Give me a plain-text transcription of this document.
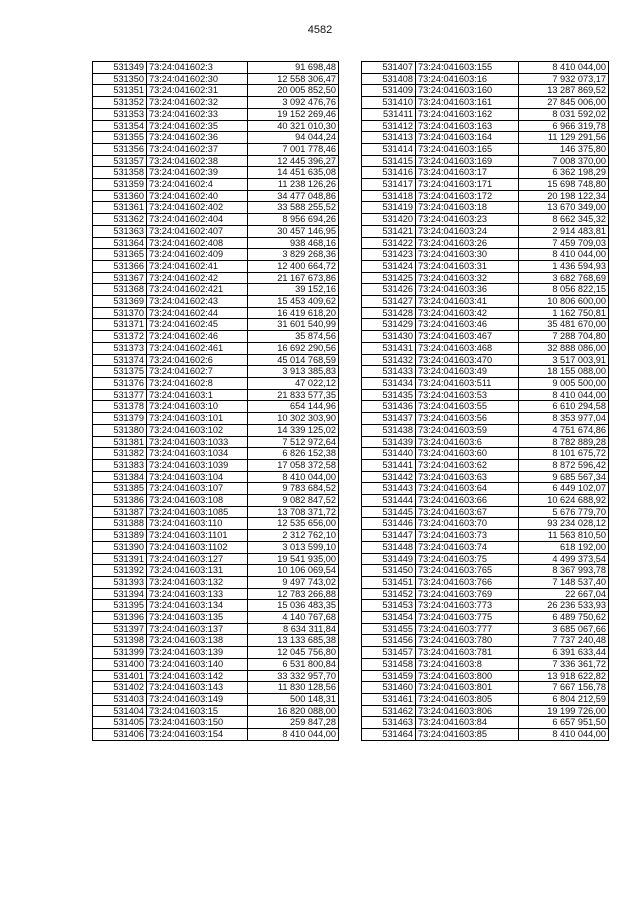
4582
531349	73:24:041602:3	91 698,48
531350	73:24:041602:30	12 558 306,47
531351	73:24:041602:31	20 005 852,50
531352	73:24:041602:32	3 092 476,76
531353	73:24:041602:33	19 152 269,46
531354	73:24:041602:35	40 321 010,30
531355	73:24:041602:36	94 044,24
531356	73:24:041602:37	7 001 778,46
531357	73:24:041602:38	12 445 396,27
531358	73:24:041602:39	14 451 635,08
531359	73:24:041602:4	11 238 126,26
531360	73:24:041602:40	34 477 048,86
531361	73:24:041602:402	33 588 255,52
531362	73:24:041602:404	8 956 694,26
531363	73:24:041602:407	30 457 146,95
531364	73:24:041602:408	938 468,16
531365	73:24:041602:409	3 829 268,36
531366	73:24:041602:41	12 400 664,72
531367	73:24:041602:42	21 167 673,86
531368	73:24:041602:421	39 152,16
531369	73:24:041602:43	15 453 409,62
531370	73:24:041602:44	16 419 618,20
531371	73:24:041602:45	31 601 540,99
531372	73:24:041602:46	35 874,56
531373	73:24:041602:461	16 692 290,56
531374	73:24:041602:6	45 014 768,59
531375	73:24:041602:7	3 913 385,83
531376	73:24:041602:8	47 022,12
531377	73:24:041603:1	21 833 577,35
531378	73:24:041603:10	654 144,96
531379	73:24:041603:101	10 302 303,90
531380	73:24:041603:102	14 339 125,02
531381	73:24:041603:1033	7 512 972,64
531382	73:24:041603:1034	6 826 152,38
531383	73:24:041603:1039	17 058 372,58
531384	73:24:041603:104	8 410 044,00
531385	73:24:041603:107	9 783 684,52
531386	73:24:041603:108	9 082 847,52
531387	73:24:041603:1085	13 708 371,72
531388	73:24:041603:110	12 535 656,00
531389	73:24:041603:1101	2 312 762,10
531390	73:24:041603:1102	3 013 599,10
531391	73:24:041603:127	19 541 935,00
531392	73:24:041603:131	10 106 069,54
531393	73:24:041603:132	9 497 743,02
531394	73:24:041603:133	12 783 266,88
531395	73:24:041603:134	15 036 483,35
531396	73:24:041603:135	4 140 767,68
531397	73:24:041603:137	8 634 311,84
531398	73:24:041603:138	13 133 685,38
531399	73:24:041603:139	12 045 756,80
531400	73:24:041603:140	6 531 800,84
531401	73:24:041603:142	33 332 957,70
531402	73:24:041603:143	11 830 128,56
531403	73:24:041603:149	500 148,31
531404	73:24:041603:15	16 820 088,00
531405	73:24:041603:150	259 847,28
531406	73:24:041603:154	8 410 044,00
531407	73:24:041603:155	8 410 044,00
531408	73:24:041603:16	7 932 073,17
531409	73:24:041603:160	13 287 869,52
531410	73:24:041603:161	27 845 006,00
531411	73:24:041603:162	8 031 592,02
531412	73:24:041603:163	6 966 319,78
531413	73:24:041603:164	11 129 291,56
531414	73:24:041603:165	146 375,80
531415	73:24:041603:169	7 008 370,00
531416	73:24:041603:17	6 362 198,29
531417	73:24:041603:171	15 698 748,80
531418	73:24:041603:172	20 198 122,34
531419	73:24:041603:18	13 670 349,00
531420	73:24:041603:23	8 662 345,32
531421	73:24:041603:24	2 914 483,81
531422	73:24:041603:26	7 459 709,03
531423	73:24:041603:30	8 410 044,00
531424	73:24:041603:31	1 436 594,93
531425	73:24:041603:32	3 682 768,69
531426	73:24:041603:36	8 056 822,15
531427	73:24:041603:41	10 806 600,00
531428	73:24:041603:42	1 162 750,81
531429	73:24:041603:46	35 481 670,00
531430	73:24:041603:467	7 288 704,80
531431	73:24:041603:468	32 888 086,00
531432	73:24:041603:470	3 517 003,91
531433	73:24:041603:49	18 155 088,00
531434	73:24:041603:511	9 005 500,00
531435	73:24:041603:53	8 410 044,00
531436	73:24:041603:55	6 610 294,58
531437	73:24:041603:56	8 353 977,04
531438	73:24:041603:59	4 751 674,86
531439	73:24:041603:6	8 782 889,28
531440	73:24:041603:60	8 101 675,72
531441	73:24:041603:62	8 872 596,42
531442	73:24:041603:63	9 685 567,34
531443	73:24:041603:64	6 449 102,07
531444	73:24:041603:66	10 624 688,92
531445	73:24:041603:67	5 676 779,70
531446	73:24:041603:70	93 234 028,12
531447	73:24:041603:73	11 563 810,50
531448	73:24:041603:74	618 192,00
531449	73:24:041603:75	4 499 373,54
531450	73:24:041603:765	8 367 993,78
531451	73:24:041603:766	7 148 537,40
531452	73:24:041603:769	22 667,04
531453	73:24:041603:773	26 236 533,93
531454	73:24:041603:775	6 489 750,62
531455	73:24:041603:777	3 685 067,66
531456	73:24:041603:780	7 737 240,48
531457	73:24:041603:781	6 391 633,44
531458	73:24:041603:8	7 336 361,72
531459	73:24:041603:800	13 918 622,82
531460	73:24:041603:801	7 667 156,78
531461	73:24:041603:805	6 804 212,59
531462	73:24:041603:806	19 199 726,00
531463	73:24:041603:84	6 657 951,50
531464	73:24:041603:85	8 410 044,00
